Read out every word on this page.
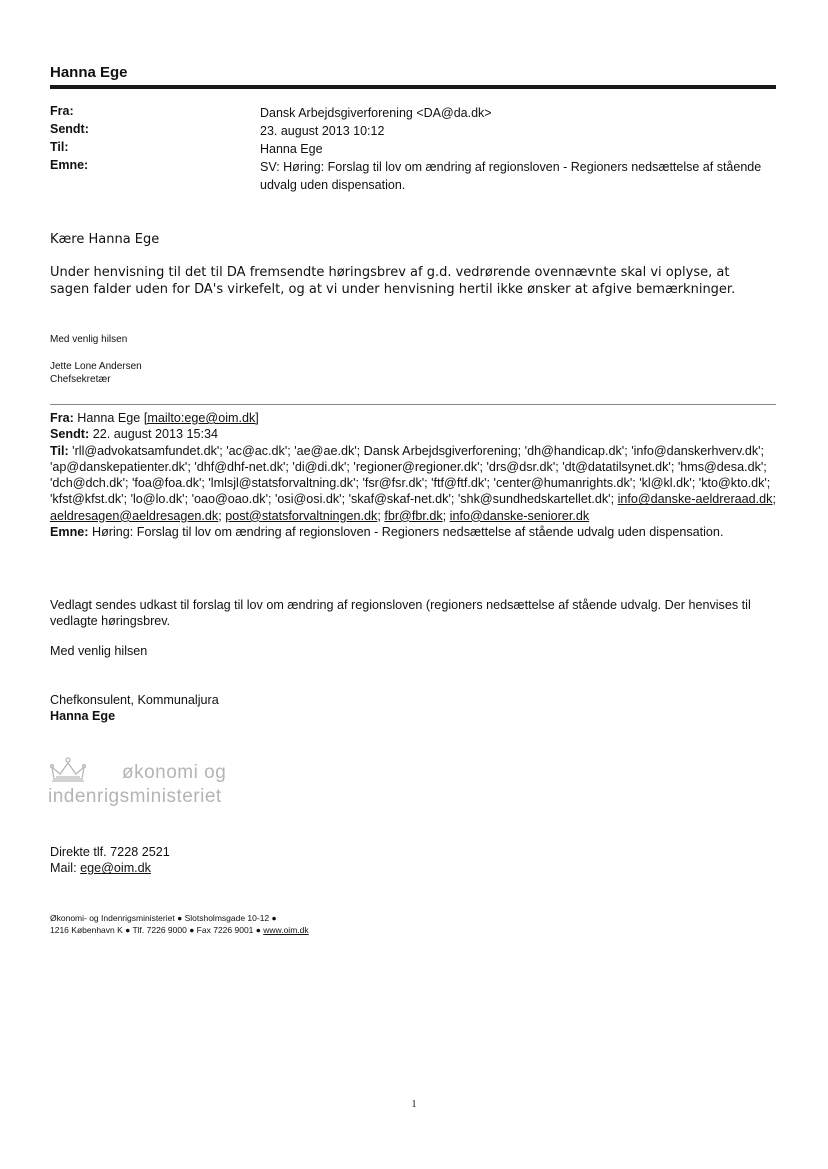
Hanna Ege
Fra:	Dansk Arbejdsgiverforening <DA@da.dk>
Sendt:	23. august 2013 10:12
Til:	Hanna Ege
Emne:	SV: Høring: Forslag til lov om ændring af regionsloven - Regioners nedsættelse af stående udvalg uden dispensation.
Kære Hanna Ege
Under henvisning til det til DA fremsendte høringsbrev af g.d. vedrørende ovennævnte skal vi oplyse, at sagen falder uden for DA's virkefelt, og at vi under henvisning hertil ikke ønsker at afgive bemærkninger.
Med venlig hilsen
Jette Lone Andersen
Chefsekretær
Fra: Hanna Ege [mailto:ege@oim.dk]
Sendt: 22. august 2013 15:34
Til: 'rll@advokatsamfundet.dk'; 'ac@ac.dk'; 'ae@ae.dk'; Dansk Arbejdsgiverforening; 'dh@handicap.dk'; 'info@danskerhverv.dk'; 'ap@danskepatienter.dk'; 'dhf@dhf-net.dk'; 'di@di.dk'; 'regioner@regioner.dk'; 'drs@dsr.dk'; 'dt@datatilsynet.dk'; 'hms@desa.dk'; 'dch@dch.dk'; 'foa@foa.dk'; 'lmlsjl@statsforvaltning.dk'; 'fsr@fsr.dk'; 'ftf@ftf.dk'; 'center@humanrights.dk'; 'kl@kl.dk'; 'kto@kto.dk'; 'kfst@kfst.dk'; 'lo@lo.dk'; 'oao@oao.dk'; 'osi@osi.dk'; 'skaf@skaf-net.dk'; 'shk@sundhedskartellet.dk'; info@danske-aeldreraad.dk; aeldresagen@aeldresagen.dk; post@statsforvaltningen.dk; fbr@fbr.dk; info@danske-seniorer.dk
Emne: Høring: Forslag til lov om ændring af regionsloven - Regioners nedsættelse af stående udvalg uden dispensation.
Vedlagt sendes udkast til forslag til lov om ændring af regionsloven (regioners nedsættelse af stående udvalg. Der henvises til vedlagte høringsbrev.
Med venlig hilsen
Chefkonsulent, Kommunaljura
Hanna Ege
økonomi og
indenrigsministeriet
Direkte tlf. 7228 2521
Mail: ege@oim.dk
Økonomi- og Indenrigsministeriet ● Slotsholmsgade 10-12 ●
1216 København K ● Tlf. 7226 9000 ● Fax 7226 9001 ● www.oim.dk
1
